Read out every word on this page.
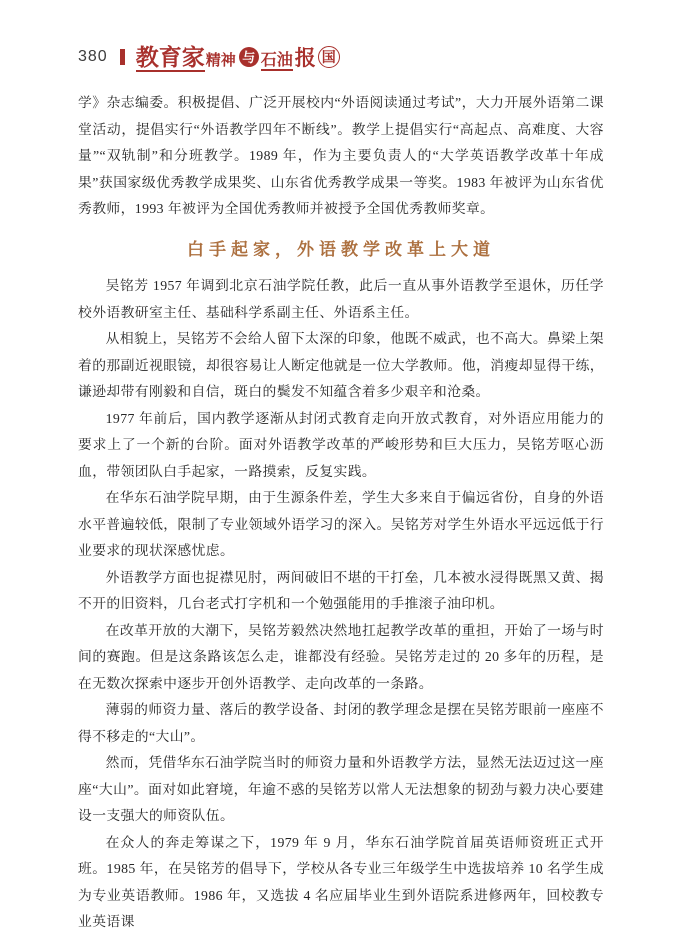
380 教育家 精神 与 石油 报 国

学》杂志编委。积极提倡、广泛开展校内“外语阅读通过考试”，大力开展外语第二课堂活动，提倡实行“外语教学四年不断线”。教学上提倡实行“高起点、高难度、大容量”“双轨制”和分班教学。1989 年，作为主要负责人的“大学英语教学改革十年成果”获国家级优秀教学成果奖、山东省优秀教学成果一等奖。1983 年被评为山东省优秀教师，1993 年被评为全国优秀教师并被授予全国优秀教师奖章。

白手起家，外语教学改革上大道

吴铭芳 1957 年调到北京石油学院任教，此后一直从事外语教学至退休，历任学校外语教研室主任、基础科学系副主任、外语系主任。

从相貌上，吴铭芳不会给人留下太深的印象，他既不威武，也不高大。鼻梁上架着的那副近视眼镜，却很容易让人断定他就是一位大学教师。他，消瘦却显得干练，谦逊却带有刚毅和自信，斑白的鬓发不知蕴含着多少艰辛和沧桑。

1977 年前后，国内教学逐渐从封闭式教育走向开放式教育，对外语应用能力的要求上了一个新的台阶。面对外语教学改革的严峻形势和巨大压力，吴铭芳呕心沥血，带领团队白手起家，一路摸索，反复实践。

在华东石油学院早期，由于生源条件差，学生大多来自于偏远省份，自身的外语水平普遍较低，限制了专业领域外语学习的深入。吴铭芳对学生外语水平远远低于行业要求的现状深感忧虑。

外语教学方面也捉襟见肘，两间破旧不堪的干打垒，几本被水浸得既黑又黄、揭不开的旧资料，几台老式打字机和一个勉强能用的手推滚子油印机。

在改革开放的大潮下，吴铭芳毅然决然地扛起教学改革的重担，开始了一场与时间的赛跑。但是这条路该怎么走，谁都没有经验。吴铭芳走过的 20 多年的历程，是在无数次探索中逐步开创外语教学、走向改革的一条路。

薄弱的师资力量、落后的教学设备、封闭的教学理念是摆在吴铭芳眼前一座座不得不移走的“大山”。

然而，凭借华东石油学院当时的师资力量和外语教学方法，显然无法迈过这一座座“大山”。面对如此窘境，年逾不惑的吴铭芳以常人无法想象的韧劲与毅力决心要建设一支强大的师资队伍。

在众人的奔走筹谋之下，1979 年 9 月，华东石油学院首届英语师资班正式开班。1985 年，在吴铭芳的倡导下，学校从各专业三年级学生中选拔培养 10 名学生成为专业英语教师。1986 年，又选拔 4 名应届毕业生到外语院系进修两年，回校教专业英语课
